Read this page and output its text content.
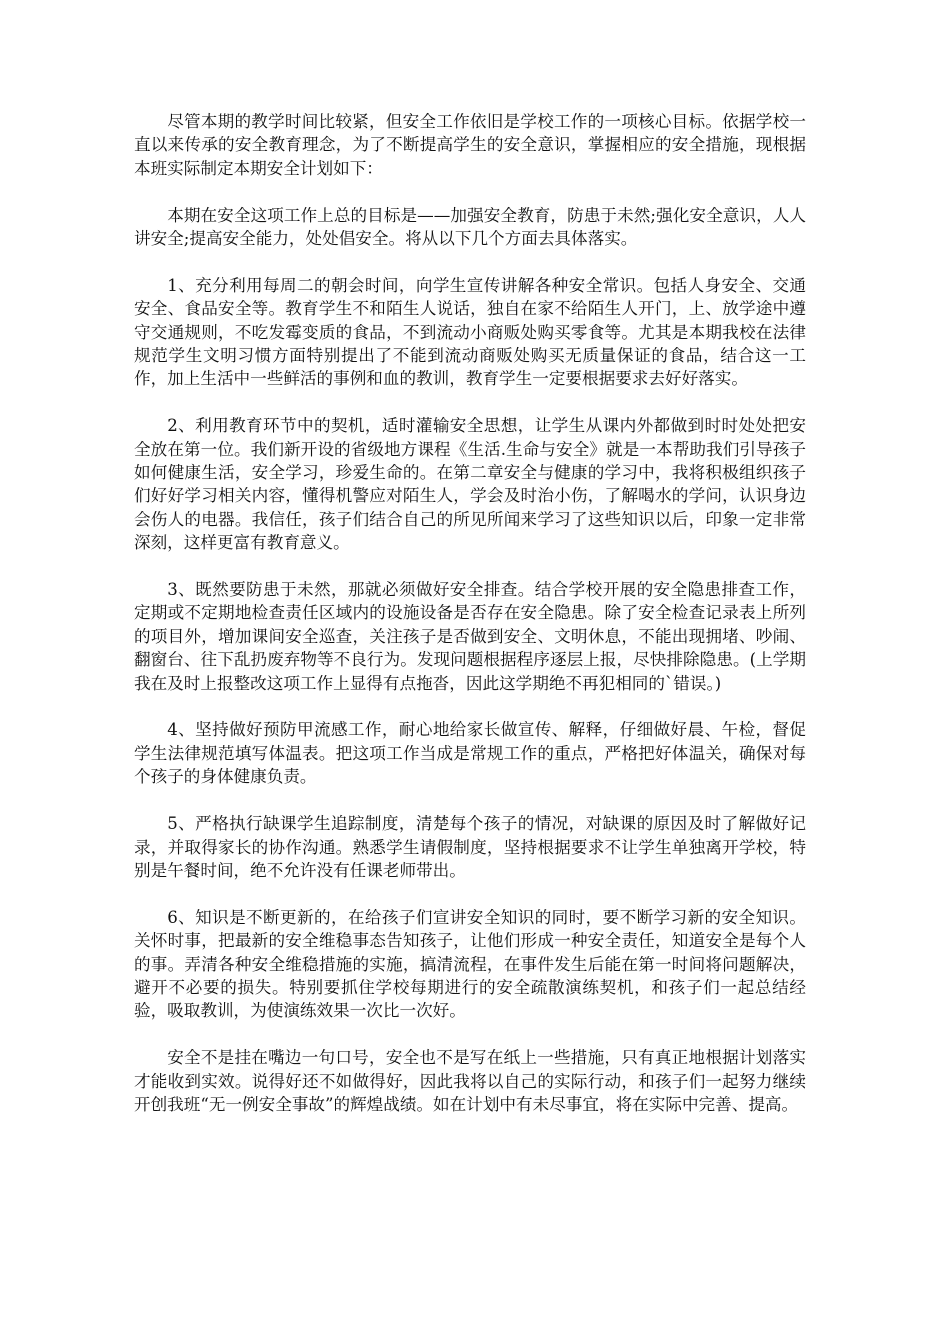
尽管本期的教学时间比较紧，但安全工作依旧是学校工作的一项核心目标。依据学校一直以来传承的安全教育理念，为了不断提高学生的安全意识，掌握相应的安全措施，现根据本班实际制定本期安全计划如下：

本期在安全这项工作上总的目标是——加强安全教育，防患于未然;强化安全意识，人人讲安全;提高安全能力，处处倡安全。将从以下几个方面去具体落实。

1、充分利用每周二的朝会时间，向学生宣传讲解各种安全常识。包括人身安全、交通安全、食品安全等。教育学生不和陌生人说话，独自在家不给陌生人开门，上、放学途中遵守交通规则，不吃发霉变质的食品，不到流动小商贩处购买零食等。尤其是本期我校在法律规范学生文明习惯方面特别提出了不能到流动商贩处购买无质量保证的食品，结合这一工作，加上生活中一些鲜活的事例和血的教训，教育学生一定要根据要求去好好落实。

2、利用教育环节中的契机，适时灌输安全思想，让学生从课内外都做到时时处处把安全放在第一位。我们新开设的省级地方课程《生活.生命与安全》就是一本帮助我们引导孩子如何健康生活，安全学习，珍爱生命的。在第二章安全与健康的学习中，我将积极组织孩子们好好学习相关内容，懂得机警应对陌生人，学会及时治小伤，了解喝水的学问，认识身边会伤人的电器。我信任，孩子们结合自己的所见所闻来学习了这些知识以后，印象一定非常深刻，这样更富有教育意义。

3、既然要防患于未然，那就必须做好安全排查。结合学校开展的安全隐患排查工作，定期或不定期地检查责任区域内的设施设备是否存在安全隐患。除了安全检查记录表上所列的项目外，增加课间安全巡查，关注孩子是否做到安全、文明休息，不能出现拥堵、吵闹、翻窗台、往下乱扔废弃物等不良行为。发现问题根据程序逐层上报，尽快排除隐患。(上学期我在及时上报整改这项工作上显得有点拖沓，因此这学期绝不再犯相同的`错误。)

4、坚持做好预防甲流感工作，耐心地给家长做宣传、解释，仔细做好晨、午检，督促学生法律规范填写体温表。把这项工作当成是常规工作的重点，严格把好体温关，确保对每个孩子的身体健康负责。

5、严格执行缺课学生追踪制度，清楚每个孩子的情况，对缺课的原因及时了解做好记录，并取得家长的协作沟通。熟悉学生请假制度，坚持根据要求不让学生单独离开学校，特别是午餐时间，绝不允许没有任课老师带出。

6、知识是不断更新的，在给孩子们宣讲安全知识的同时，要不断学习新的安全知识。关怀时事，把最新的安全维稳事态告知孩子，让他们形成一种安全责任，知道安全是每个人的事。弄清各种安全维稳措施的实施，搞清流程，在事件发生后能在第一时间将问题解决，避开不必要的损失。特别要抓住学校每期进行的安全疏散演练契机，和孩子们一起总结经验，吸取教训，为使演练效果一次比一次好。

安全不是挂在嘴边一句口号，安全也不是写在纸上一些措施，只有真正地根据计划落实才能收到实效。说得好还不如做得好，因此我将以自己的实际行动，和孩子们一起努力继续开创我班“无一例安全事故”的辉煌战绩。如在计划中有未尽事宜，将在实际中完善、提高。
